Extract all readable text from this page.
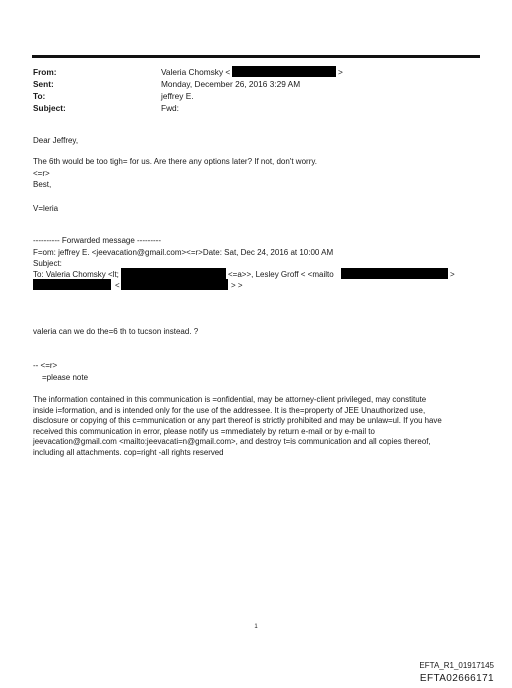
From:	Valeria Chomsky <	>
Sent:	Monday, December 26, 2016 3:29 AM
To:	jeffrey E.
Subject:	Fwd:
Dear Jeffrey,
The 6th would be too tigh= for us. Are there any options later? If not, don't worry.
<=r>
Best,
V=leria
---------- Forwarded message ---------
F=om: jeffrey E. <jeevacation@gmail.com><=r>Date: Sat, Dec 24, 2016 at 10:00 AM
Subject:
To: Valeria Chomsky <lt;	<=a>>, Lesley Groff < <mailto	>
<	> >
valeria can we do the=6 th to tucson instead. ?
-- <=r>
=please note
The information contained in this communication is =onfidential, may be attorney-client privileged, may constitute
inside i=formation, and is intended only for the use of the addressee. It is the=property of JEE Unauthorized use,
disclosure or copying of this c=mmunication or any part thereof is strictly prohibited and may be unlaw=ul. If you have
received this communication in error, please notify us =mmediately by return e-mail or by e-mail to
jeevacation@gmail.com <mailto:jeevacati=n@gmail.com>, and destroy t=is communication and all copies thereof,
including all attachments. cop=right -all rights reserved
1
EFTA_R1_01917145
EFTA02666171
